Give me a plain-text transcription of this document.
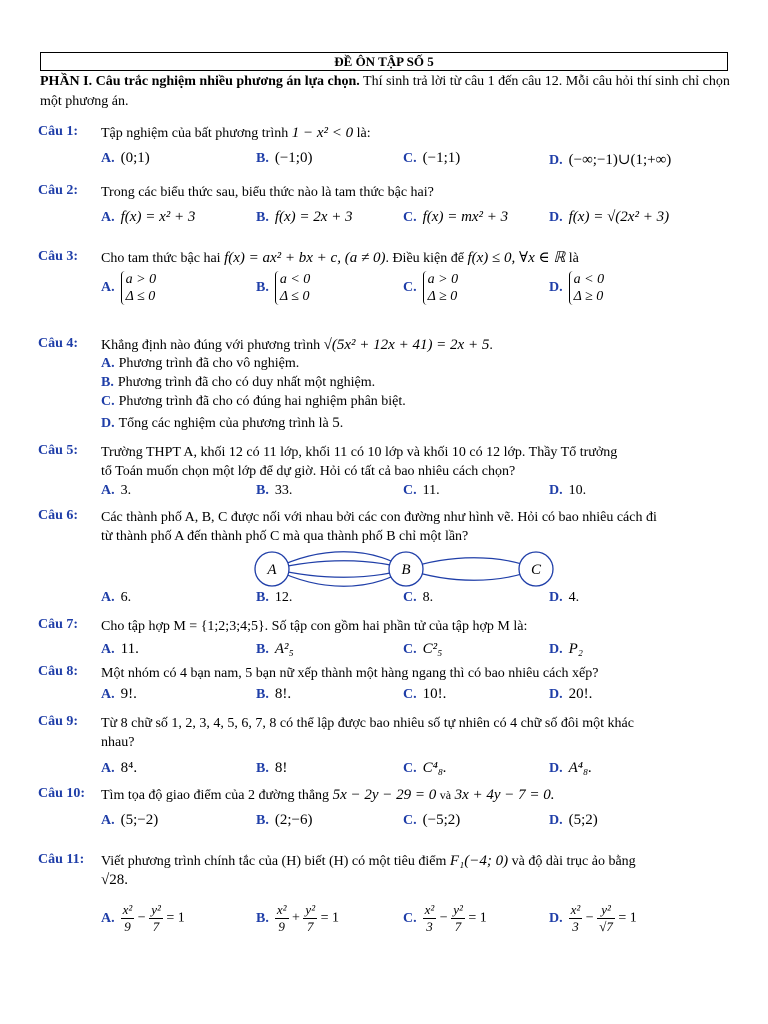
ĐỀ ÔN TẬP SỐ 5
PHẦN I. Câu trắc nghiệm nhiều phương án lựa chọn. Thí sinh trả lời từ câu 1 đến câu 12. Mỗi câu hỏi thí sinh chỉ chọn một phương án.
Câu 1: Tập nghiệm của bất phương trình 1 − x² < 0 là:
A. (0;1)	B. (−1;0)	C. (−1;1)	D. (−∞;−1)∪(1;+∞)
Câu 2: Trong các biểu thức sau, biểu thức nào là tam thức bậc hai?
A. f(x) = x² + 3	B. f(x) = 2x + 3	C. f(x) = mx² + 3	D. f(x) = √(2x² + 3)
Câu 3: Cho tam thức bậc hai f(x) = ax² + bx + c, (a ≠ 0). Điều kiện để f(x) ≤ 0, ∀x ∈ ℝ là
A.a > 0
Δ ≤ 0
B.a < 0
Δ ≤ 0
C.a > 0
Δ ≥ 0
D.a < 0
Δ ≥ 0
Câu 4: Khẳng định nào đúng với phương trình √(5x² + 12x + 41) = 2x + 5.
A. Phương trình đã cho vô nghiệm.
B. Phương trình đã cho có duy nhất một nghiệm.
C. Phương trình đã cho có đúng hai nghiệm phân biệt.
D. Tổng các nghiệm của phương trình là 5.
Câu 5: Trường THPT A, khối 12 có 11 lớp, khối 11 có 10 lớp và khối 10 có 12 lớp. Thầy Tổ trưởng
tổ Toán muốn chọn một lớp để dự giờ. Hỏi có tất cả bao nhiêu cách chọn?
A. 3.	B. 33.	C. 11.	D. 10.
Câu 6: Các thành phố A, B, C được nối với nhau bởi các con đường như hình vẽ. Hỏi có bao nhiêu cách đi
từ thành phố A đến thành phố C mà qua thành phố B chỉ một lần?
A. 6.	B. 12.	C. 8.	D. 4.
A	B	C
Câu 7: Cho tập hợp M = {1;2;3;4;5}. Số tập con gồm hai phần tử của tập hợp M là:
A. 11.	B. A²₅	C. C²₅	D. P₂
Câu 8: Một nhóm có 4 bạn nam, 5 bạn nữ xếp thành một hàng ngang thì có bao nhiêu cách xếp?
A. 9!.	B. 8!.	C. 10!.	D. 20!.
Câu 9: Từ 8 chữ số 1, 2, 3, 4, 5, 6, 7, 8 có thể lập được bao nhiêu số tự nhiên có 4 chữ số đôi một khác
nhau?
A. 8⁴.	B. 8!	C. C⁴₈.	D. A⁴₈.
Câu 10: Tìm tọa độ giao điểm của 2 đường thẳng 5x − 2y − 29 = 0 và 3x + 4y − 7 = 0.
A. (5;−2)	B. (2;−6)	C. (−5;2)	D. (5;2)
Câu 11: Viết phương trình chính tắc của (H) biết (H) có một tiêu điểm F₁(−4; 0) và độ dài trục ảo bằng
√28.
A. $\frac{\text{x²}}{9} - \frac{\text{y²}}{7} = 1$	B. $\frac{\text{x²}}{9} + \frac{\text{y²}}{7} = 1$	C. $\frac{\text{x²}}{3} - \frac{\text{y²}}{7} = 1$	D. $\frac{\text{x²}}{3} - \frac{\text{y²}}{√7} = 1$
